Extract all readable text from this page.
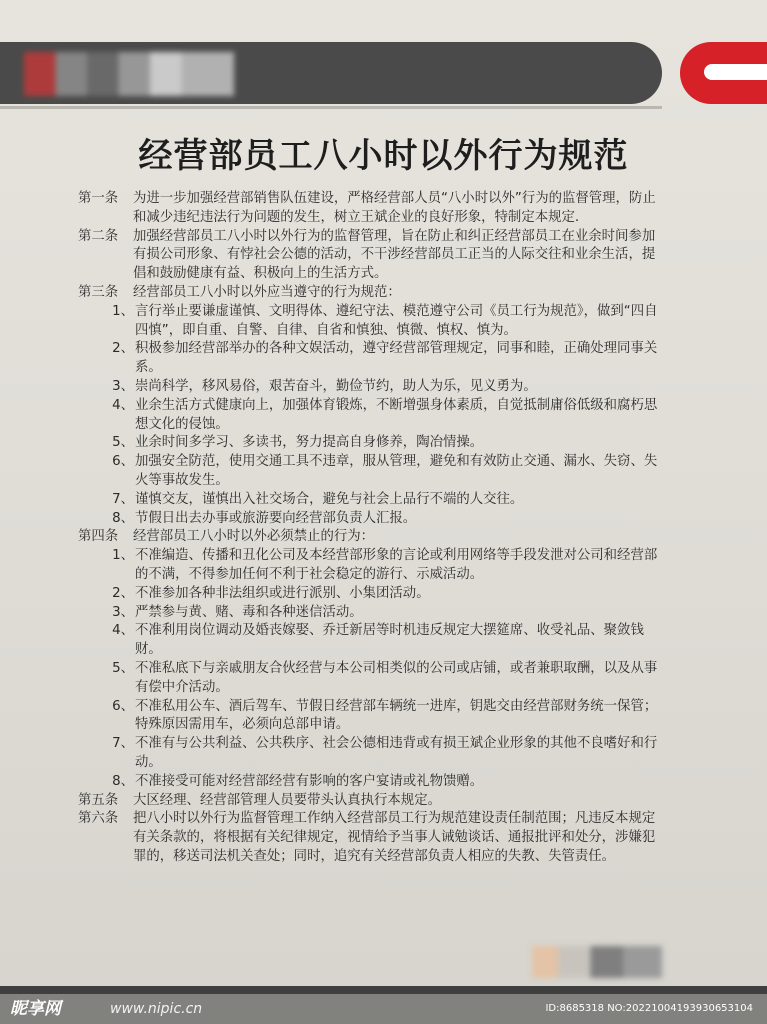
经营部员工八小时以外行为规范
第一条	为进一步加强经营部销售队伍建设，严格经营部人员“八小时以外”行为的监督管理，防止和减少违纪违法行为问题的发生，树立王斌企业的良好形象，特制定本规定.
第二条	加强经营部员工八小时以外行为的监督管理，旨在防止和纠正经营部员工在业余时间参加有损公司形象、有悖社会公德的活动，不干涉经营部员工正当的人际交往和业余生活，提倡和鼓励健康有益、积极向上的生活方式。
第三条	经营部员工八小时以外应当遵守的行为规范：
1、 言行举止要谦虚谨慎、文明得体、遵纪守法、模范遵守公司《员工行为规范》，做到“四自四慎”，即自重、自警、自律、自省和慎独、慎微、慎权、慎为。
2、 积极参加经营部举办的各种文娱活动，遵守经营部管理规定，同事和睦，正确处理同事关系。
3、 崇尚科学，移风易俗，艰苦奋斗，勤俭节约，助人为乐，见义勇为。
4、 业余生活方式健康向上，加强体育锻炼，不断增强身体素质，自觉抵制庸俗低级和腐朽思想文化的侵蚀。
5、 业余时间多学习、多读书，努力提高自身修养，陶冶情操。
6、 加强安全防范，使用交通工具不违章，服从管理，避免和有效防止交通、漏水、失窃、失火等事故发生。
7、 谨慎交友，谨慎出入社交场合，避免与社会上品行不端的人交往。
8、 节假日出去办事或旅游要向经营部负责人汇报。
第四条	经营部员工八小时以外必须禁止的行为：
1、 不准编造、传播和丑化公司及本经营部形象的言论或利用网络等手段发泄对公司和经营部的不满，不得参加任何不利于社会稳定的游行、示威活动。
2、 不准参加各种非法组织或进行派别、小集团活动。
3、 严禁参与黄、赌、毒和各种迷信活动。
4、 不准利用岗位调动及婚丧嫁娶、乔迁新居等时机违反规定大摆筵席、收受礼品、聚敛钱财。
5、 不准私底下与亲戚朋友合伙经营与本公司相类似的公司或店铺，或者兼职取酬，以及从事有偿中介活动。
6、 不准私用公车、酒后驾车、节假日经营部车辆统一进库，钥匙交由经营部财务统一保管；特殊原因需用车，必须向总部申请。
7、 不准有与公共利益、公共秩序、社会公德相违背或有损王斌企业形象的其他不良嗜好和行动。
8、 不准接受可能对经营部经营有影响的客户宴请或礼物馈赠。
第五条	大区经理、经营部管理人员要带头认真执行本规定。
第六条	把八小时以外行为监督管理工作纳入经营部员工行为规范建设责任制范围；凡违反本规定有关条款的，将根据有关纪律规定，视情给予当事人诫勉谈话、通报批评和处分，涉嫌犯罪的，移送司法机关查处；同时，追究有关经营部负责人相应的失教、失管责任。
昵享网	www.nipic.cn	ID:8685318 NO:20221004193930653104
